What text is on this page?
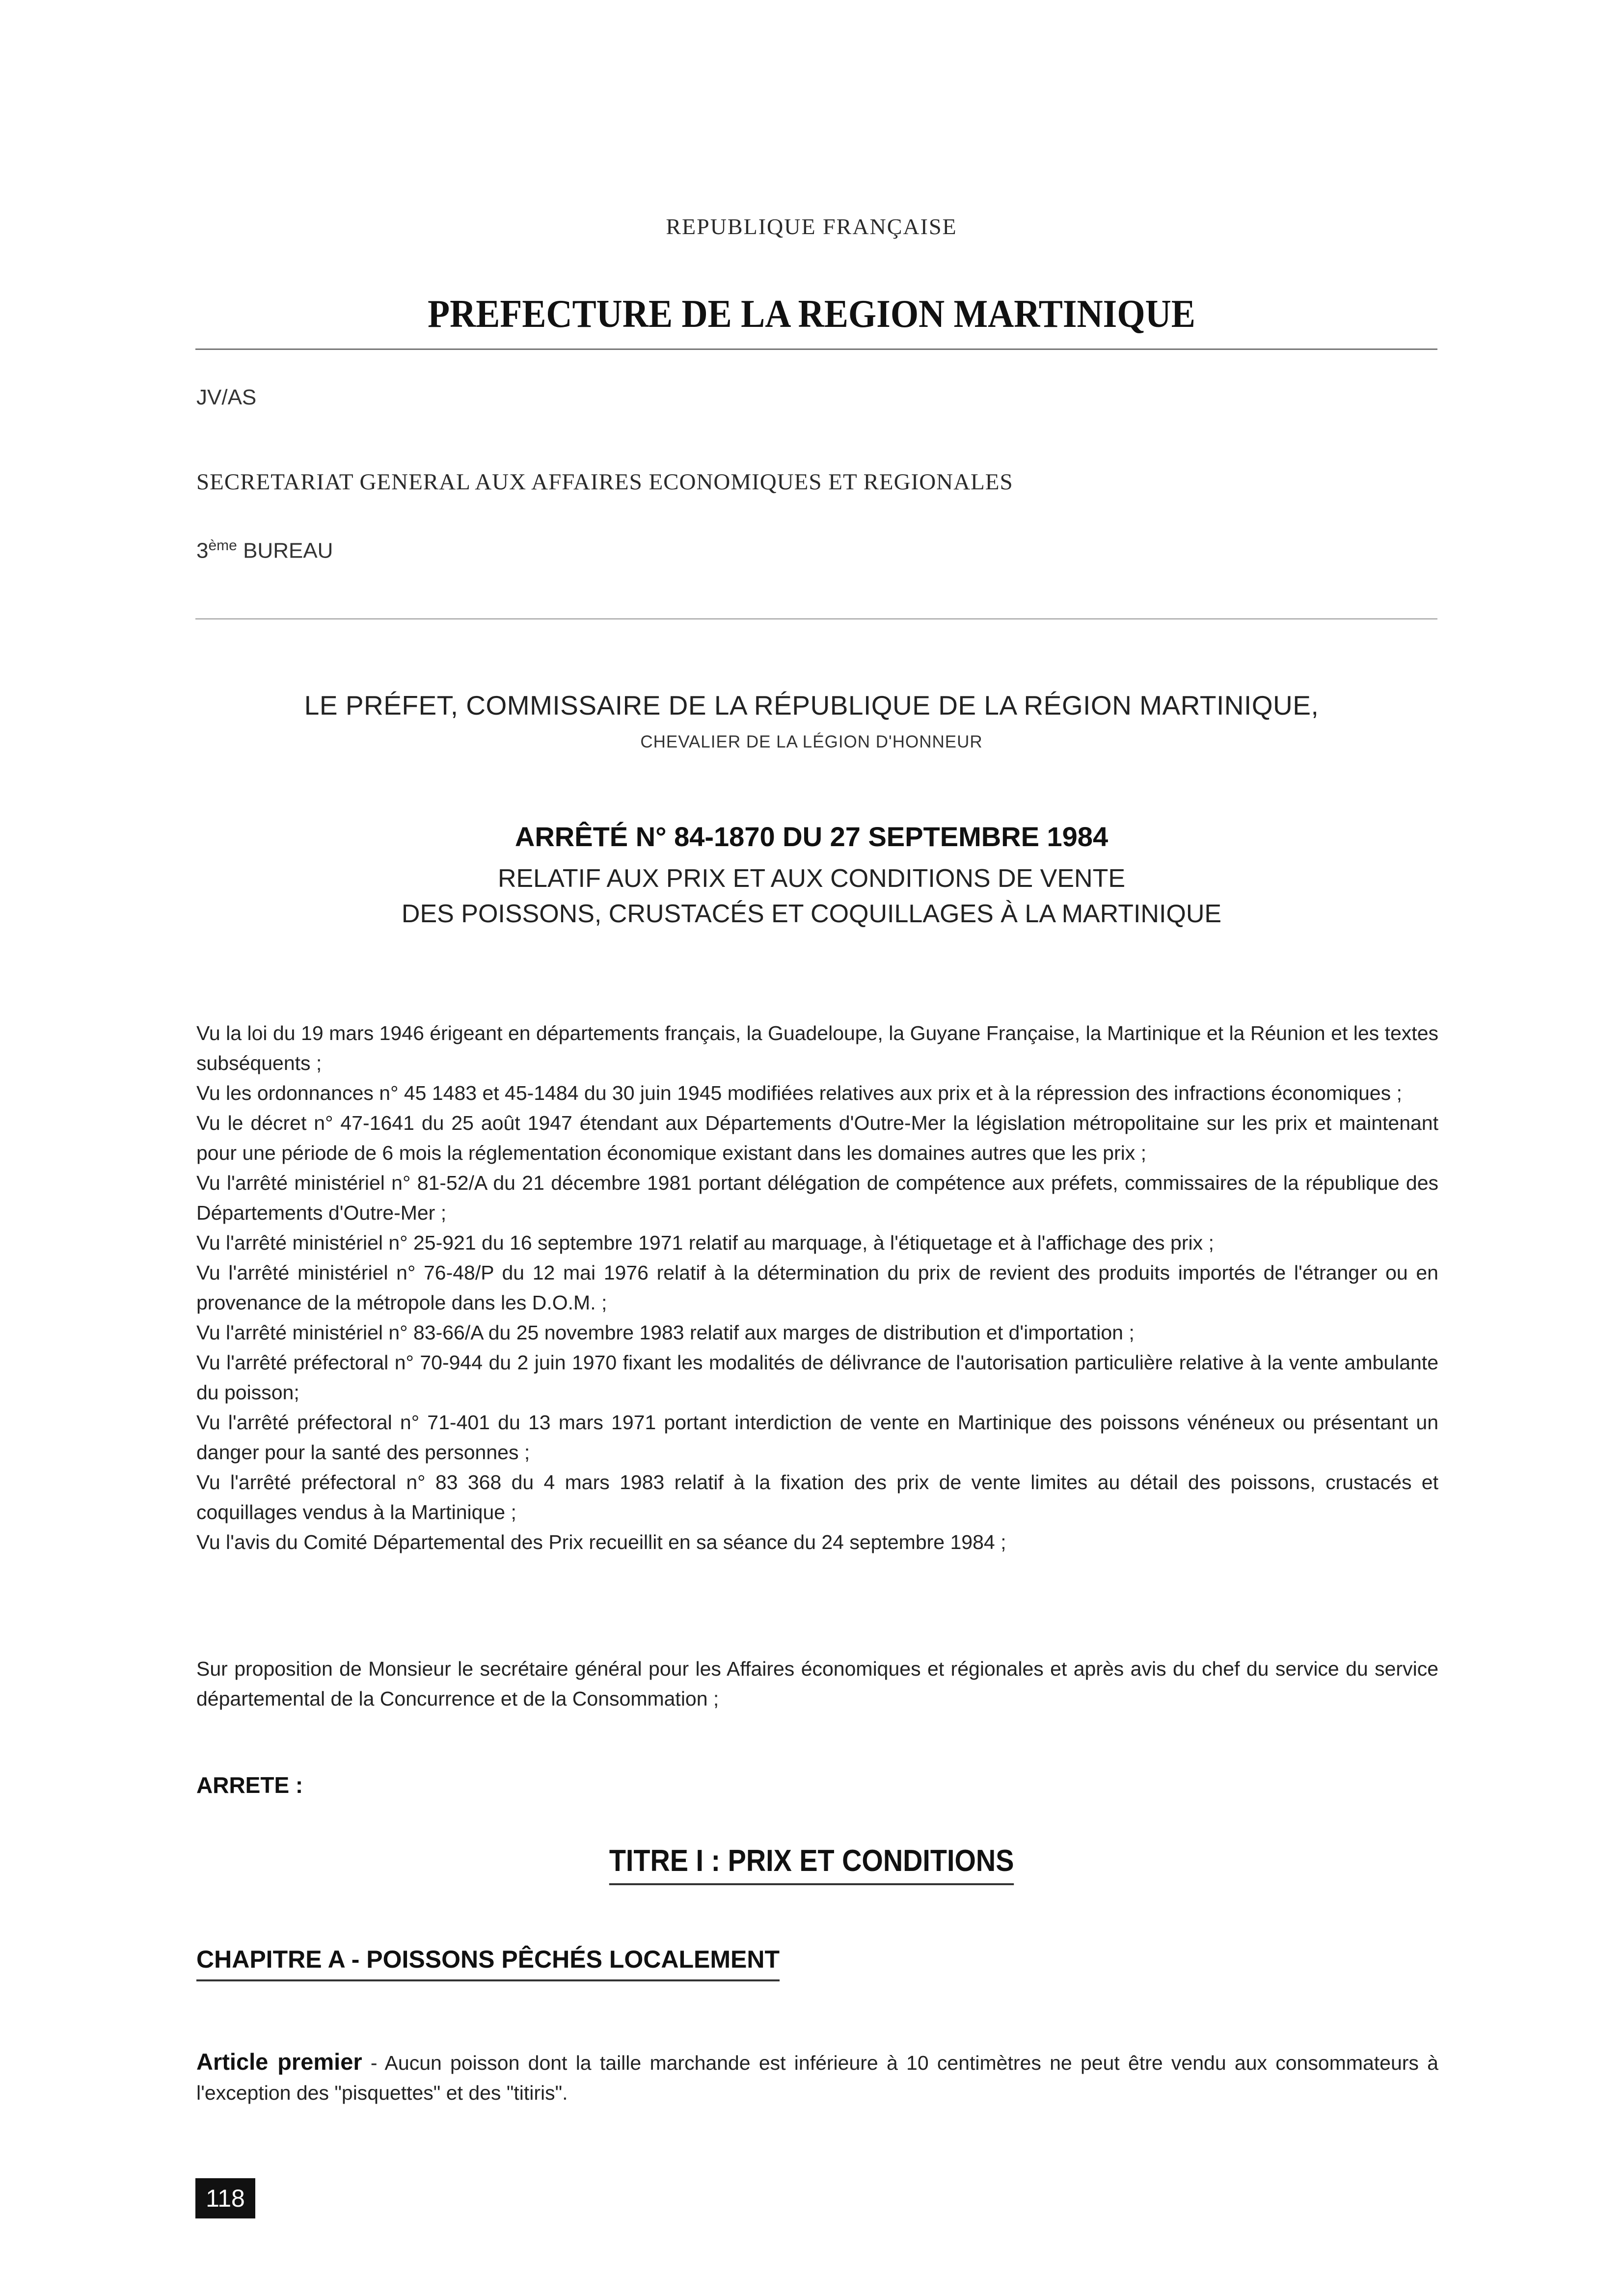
REPUBLIQUE FRANÇAISE
PREFECTURE DE LA REGION MARTINIQUE
JV/AS
SECRETARIAT GENERAL AUX AFFAIRES ECONOMIQUES ET REGIONALES
3ème BUREAU
LE PRÉFET, COMMISSAIRE DE LA RÉPUBLIQUE DE LA RÉGION MARTINIQUE,
CHEVALIER DE LA LÉGION D'HONNEUR
ARRÊTÉ N° 84-1870 DU 27 SEPTEMBRE 1984
RELATIF AUX PRIX ET AUX CONDITIONS DE VENTE
DES POISSONS, CRUSTACÉS ET COQUILLAGES À LA MARTINIQUE

Vu la loi du 19 mars 1946 érigeant en départements français, la Guadeloupe, la Guyane Française, la Martinique et la Réunion et les textes subséquents ;

Vu les ordonnances n° 45 1483 et 45-1484 du 30 juin 1945 modifiées relatives aux prix et à la répression des infractions économiques ;

Vu le décret n° 47-1641 du 25 août 1947 étendant aux Départements d'Outre-Mer la législation métropolitaine sur les prix et maintenant pour une période de 6 mois la réglementation économique existant dans les domaines autres que les prix ;

Vu l'arrêté ministériel n° 81-52/A du 21 décembre 1981 portant délégation de compétence aux préfets, commissaires de la république des Départements d'Outre-Mer ;

Vu l'arrêté ministériel n° 25-921 du 16 septembre 1971 relatif au marquage, à l'étiquetage et à l'affichage des prix ;

Vu l'arrêté ministériel n° 76-48/P du 12 mai 1976 relatif à la détermination du prix de revient des produits importés de l'étranger ou en provenance de la métropole dans les D.O.M. ;

Vu l'arrêté ministériel n° 83-66/A du 25 novembre 1983 relatif aux marges de distribution et d'importation ;

Vu l'arrêté préfectoral n° 70-944 du 2 juin 1970 fixant les modalités de délivrance de l'autorisation particulière relative à la vente ambulante du poisson;

Vu l'arrêté préfectoral n° 71-401 du 13 mars 1971 portant interdiction de vente en Martinique des poissons vénéneux ou présentant un danger pour la santé des personnes ;

Vu l'arrêté préfectoral n° 83 368 du 4 mars 1983 relatif à la fixation des prix de vente limites au détail des poissons, crustacés et coquillages vendus à la Martinique ;

Vu l'avis du Comité Départemental des Prix recueillit en sa séance du 24 septembre 1984 ;

Sur proposition de Monsieur le secrétaire général pour les Affaires économiques et régionales et après avis du chef du service du service départemental de la Concurrence et de la Consommation ;
ARRETE :
TITRE I : PRIX ET CONDITIONS
CHAPITRE A - POISSONS PÊCHÉS LOCALEMENT
Article premier - Aucun poisson dont la taille marchande est inférieure à 10 centimètres ne peut être vendu aux consommateurs à l'exception des "pisquettes" et des "titiris".
118
